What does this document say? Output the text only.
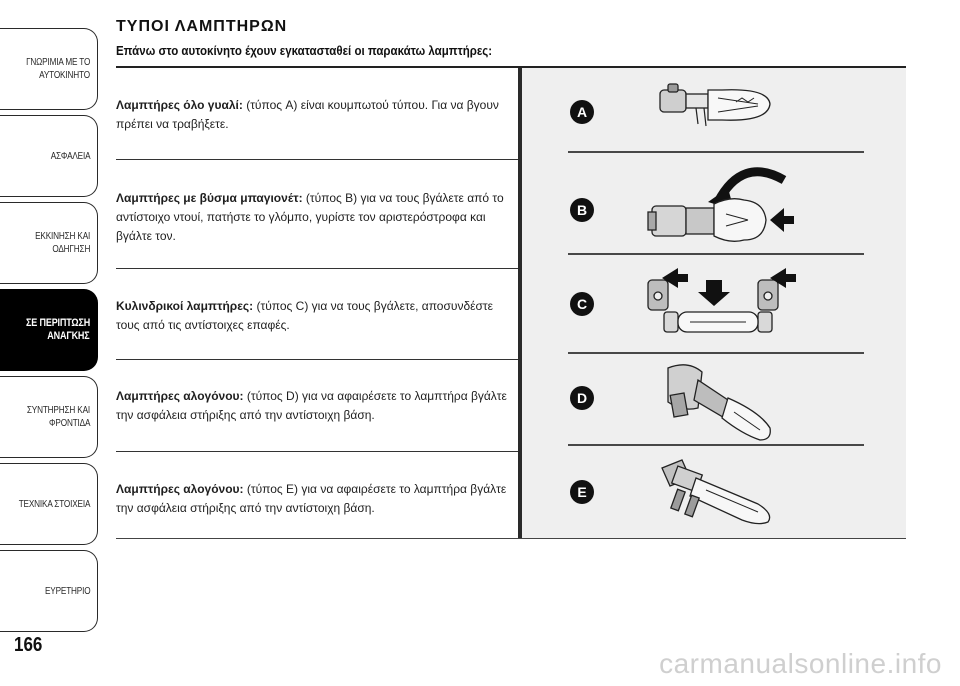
ΓΝΩΡΙΜΙΑ ΜΕ ΤΟ
ΑΥΤΟΚΙΝΗΤΟ
ΑΣΦΑΛΕΙΑ
ΕΚΚΙΝΗΣΗ ΚΑΙ
ΟΔΗΓΗΣΗ
ΣΕ ΠΕΡΙΠΤΩΣΗ
ΑΝΑΓΚΗΣ
ΣΥΝΤΗΡΗΣΗ ΚΑΙ
ΦΡΟΝΤΙΔΑ
ΤΕΧΝΙΚΑ ΣΤΟΙΧΕΙΑ
ΕΥΡΕΤΗΡΙΟ
166
ΤΥΠΟΙ ΛΑΜΠΤΗΡΩΝ
Επάνω στο αυτοκίνητο έχουν εγκατασταθεί οι παρακάτω λαμπτήρες:
Λαμπτήρες όλο γυαλί: (τύπος A) είναι κουμπωτού τύπου. Για να βγουν πρέπει να τραβήξετε.
Λαμπτήρες με βύσμα μπαγιονέτ: (τύπος B) για να τους βγάλετε από το αντίστοιχο ντουί, πατήστε το γλόμπο, γυρίστε τον αριστερόστροφα και βγάλτε τον.
Κυλινδρικοί λαμπτήρες: (τύπος C) για να τους βγάλετε, αποσυνδέστε τους από τις αντίστοιχες επαφές.
Λαμπτήρες αλογόνου: (τύπος D) για να αφαιρέσετε το λαμπτήρα βγάλτε την ασφάλεια στήριξης από την αντίστοιχη βάση.
Λαμπτήρες αλογόνου: (τύπος E) για να αφαιρέσετε το λαμπτήρα βγάλτε την ασφάλεια στήριξης από την αντίστοιχη βάση.
A
B
C
D
E
carmanualsonline.info
